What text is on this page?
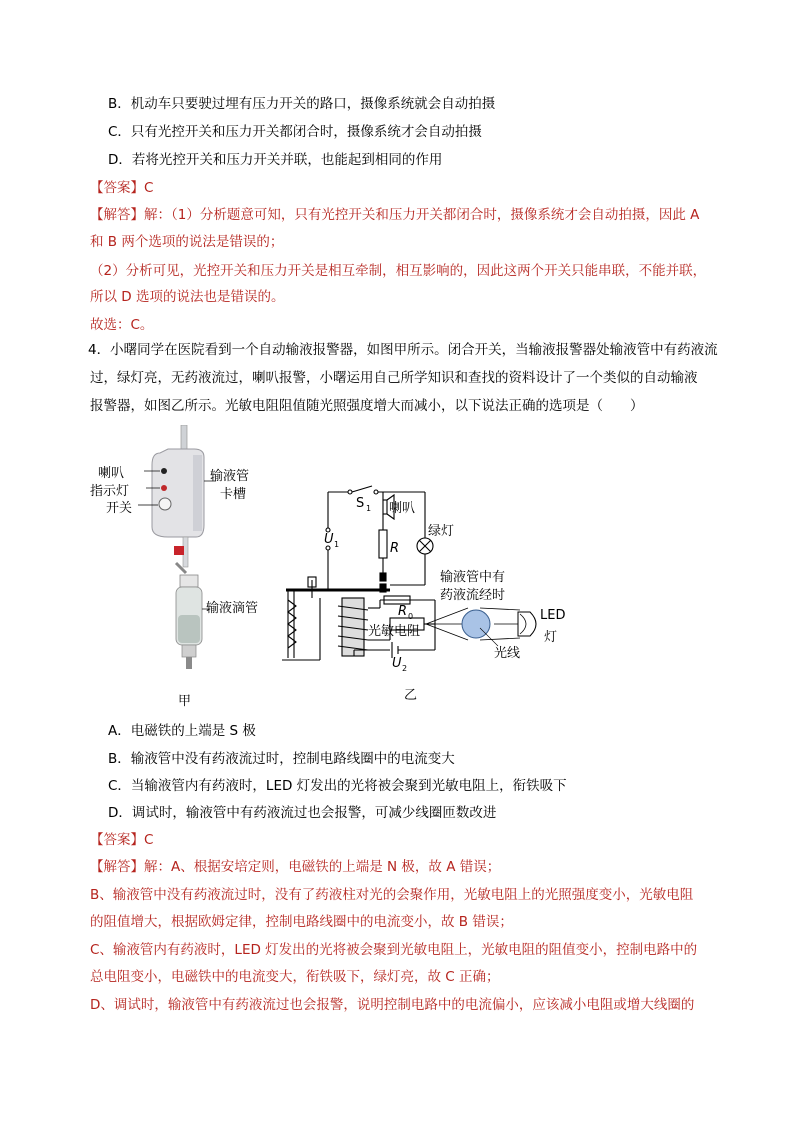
B．机动车只要驶过埋有压力开关的路口，摄像系统就会自动拍摄
C．只有光控开关和压力开关都闭合时，摄像系统才会自动拍摄
D．若将光控开关和压力开关并联，也能起到相同的作用
【答案】C
【解答】解：（1）分析题意可知，只有光控开关和压力开关都闭合时，摄像系统才会自动拍摄，因此 A
和 B 两个选项的说法是错误的；
（2）分析可见，光控开关和压力开关是相互牵制，相互影响的，因此这两个开关只能串联，不能并联，
所以 D 选项的说法也是错误的。
故选：C。
4．小曙同学在医院看到一个自动输液报警器，如图甲所示。闭合开关，当输液报警器处输液管中有药液流
过，绿灯亮，无药液流过，喇叭报警，小曙运用自己所学知识和查找的资料设计了一个类似的自动输液
报警器，如图乙所示。光敏电阻阻值随光照强度增大而减小，以下说法正确的选项是（　　）
喇叭
指示灯
开关
输液管
卡槽
输液滴管
甲
S 1 喇叭
绿灯
U 1	R
输液管中有
药液流经时
R 0	LED
灯
光敏电阻
光线
U 2
乙
A．电磁铁的上端是 S 极
B．输液管中没有药液流过时，控制电路线圈中的电流变大
C．当输液管内有药液时，LED 灯发出的光将被会聚到光敏电阻上，衔铁吸下
D．调试时，输液管中有药液流过也会报警，可减少线圈匝数改进
【答案】C
【解答】解：A、根据安培定则，电磁铁的上端是 N 极，故 A 错误；
B、输液管中没有药液流过时，没有了药液柱对光的会聚作用，光敏电阻上的光照强度变小，光敏电阻
的阻值增大，根据欧姆定律，控制电路线圈中的电流变小，故 B 错误；
C、输液管内有药液时，LED 灯发出的光将被会聚到光敏电阻上，光敏电阻的阻值变小，控制电路中的
总电阻变小，电磁铁中的电流变大，衔铁吸下，绿灯亮，故 C 正确；
D、调试时，输液管中有药液流过也会报警，说明控制电路中的电流偏小，应该减小电阻或增大线圈的
